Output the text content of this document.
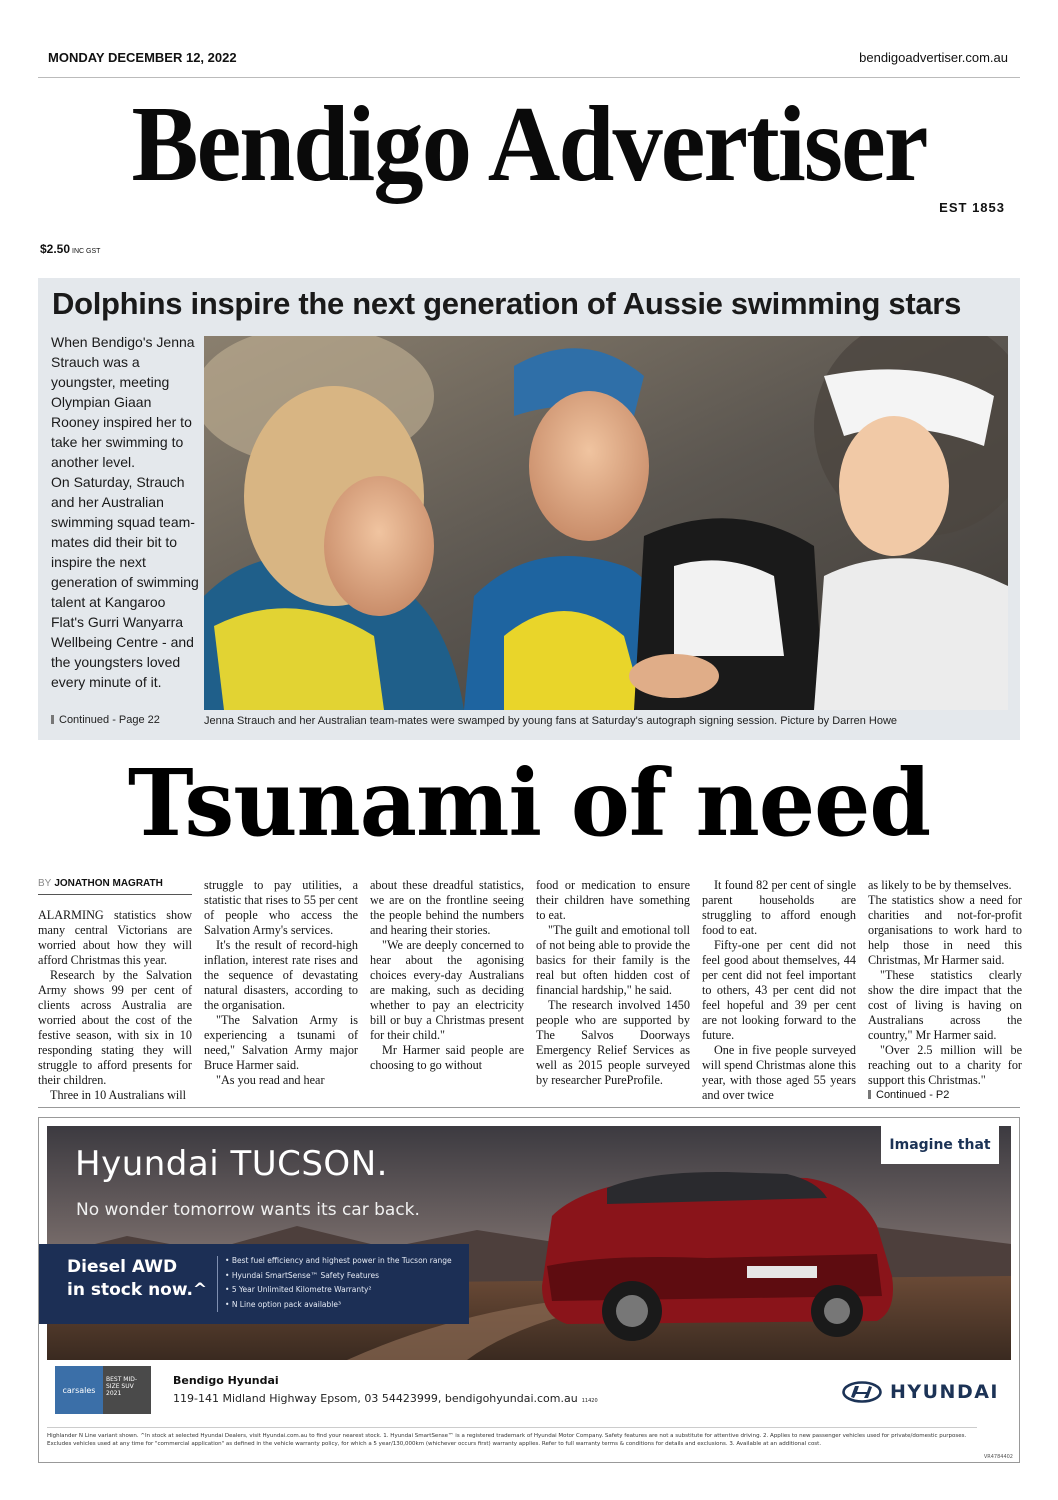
MONDAY DECEMBER 12, 2022	bendigoadvertiser.com.au
Bendigo Advertiser
EST 1853
$2.50 INC GST
Dolphins inspire the next generation of Aussie swimming stars

When Bendigo's Jenna Strauch was a youngster, meeting Olympian Giaan Rooney inspired her to take her swimming to another level.

On Saturday, Strauch and her Australian swimming squad team-mates did their bit to inspire the next generation of swimming talent at Kangaroo Flat's Gurri Wanyarra Wellbeing Centre - and the youngsters loved every minute of it.

Continued - Page 22	Jenna Strauch and her Australian team-mates were swamped by young fans at Saturday's autograph signing session. Picture by Darren Howe
Tsunami of need
BY JONATHON MAGRATH

ALARMING statistics show many central Victorians are worried about how they will afford Christmas this year.

Research by the Salvation Army shows 99 per cent of clients across Australia are worried about the cost of the festive season, with six in 10 responding stating they will struggle to afford presents for their children.

Three in 10 Australians will

struggle to pay utilities, a statistic that rises to 55 per cent of people who access the Salvation Army's services.

It's the result of record-high inflation, interest rate rises and the sequence of devastating natural disasters, according to the organisation.

"The Salvation Army is experiencing a tsunami of need," Salvation Army major Bruce Harmer said.

"As you read and hear

about these dreadful statistics, we are on the frontline seeing the people behind the numbers and hearing their stories.

"We are deeply concerned to hear about the agonising choices every-day Australians are making, such as deciding whether to pay an electricity bill or buy a Christmas present for their child."

Mr Harmer said people are choosing to go without

food or medication to ensure their children have something to eat.

"The guilt and emotional toll of not being able to provide the basics for their family is the real but often hidden cost of financial hardship," he said.

The research involved 1450 people who are supported by The Salvos Doorways Emergency Relief Services as well as 2015 people surveyed by researcher PureProfile.

It found 82 per cent of single parent households are struggling to afford enough food to eat.

Fifty-one per cent did not feel good about themselves, 44 per cent did not feel important to others, 43 per cent did not feel hopeful and 39 per cent are not looking forward to the future.

One in five people surveyed will spend Christmas alone this year, with those aged 55 years and over twice

as likely to be by themselves.

The statistics show a need for charities and not-for-profit organisations to work hard to help those in need this Christmas, Mr Harmer said.

"These statistics clearly show the dire impact that the cost of living is having on Australians across the country," Mr Harmer said.

"Over 2.5 million will be reaching out to a charity for support this Christmas."

Continued - P2

Hyundai TUCSON.
No wonder tomorrow wants its car back.
Imagine that
Diesel AWD
in stock now.^
• Best fuel efficiency and highest power in the Tucson range
• Hyundai SmartSense™ Safety Features
• 5 Year Unlimited Kilometre Warranty²
• N Line option pack available³
carsales
BEST MID-SIZE SUV 2021
Bendigo Hyundai
119-141 Midland Highway Epsom, 03 54423999, bendigohyundai.com.au 11420	HYUNDAI
Highlander N Line variant shown. ^In stock at selected Hyundai Dealers, visit Hyundai.com.au to find your nearest stock. 1. Hyundai SmartSense™ is a registered trademark of Hyundai Motor Company. Safety features are not a substitute for attentive driving. 2. Applies to new passenger vehicles used for private/domestic purposes. Excludes vehicles used at any time for "commercial application" as defined in the vehicle warranty policy, for which a 5 year/130,000km (whichever occurs first) warranty applies. Refer to full warranty terms & conditions for details and exclusions. 3. Available at an additional cost.
VR4784402
